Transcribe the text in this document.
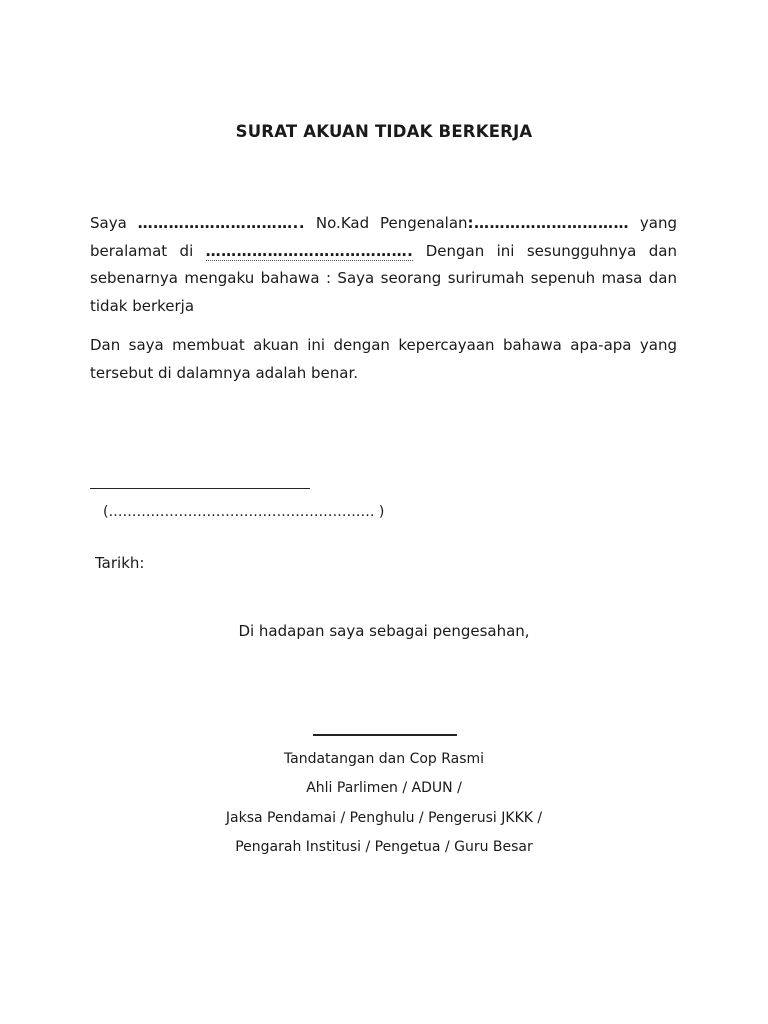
SURAT AKUAN TIDAK BERKERJA
Saya ………………………….. No.Kad Pengenalan:………………………… yang beralamat di …………………………………. Dengan ini sesungguhnya dan sebenarnya mengaku bahawa : Saya seorang surirumah sepenuh masa dan tidak berkerja
Dan saya membuat akuan ini dengan kepercayaan bahawa apa-apa yang tersebut di dalamnya adalah benar.
(………………………………………………… )
Tarikh:
Di hadapan saya sebagai pengesahan,
Tandatangan dan Cop Rasmi
Ahli Parlimen / ADUN /
Jaksa Pendamai / Penghulu / Pengerusi JKKK /
Pengarah Institusi / Pengetua / Guru Besar
